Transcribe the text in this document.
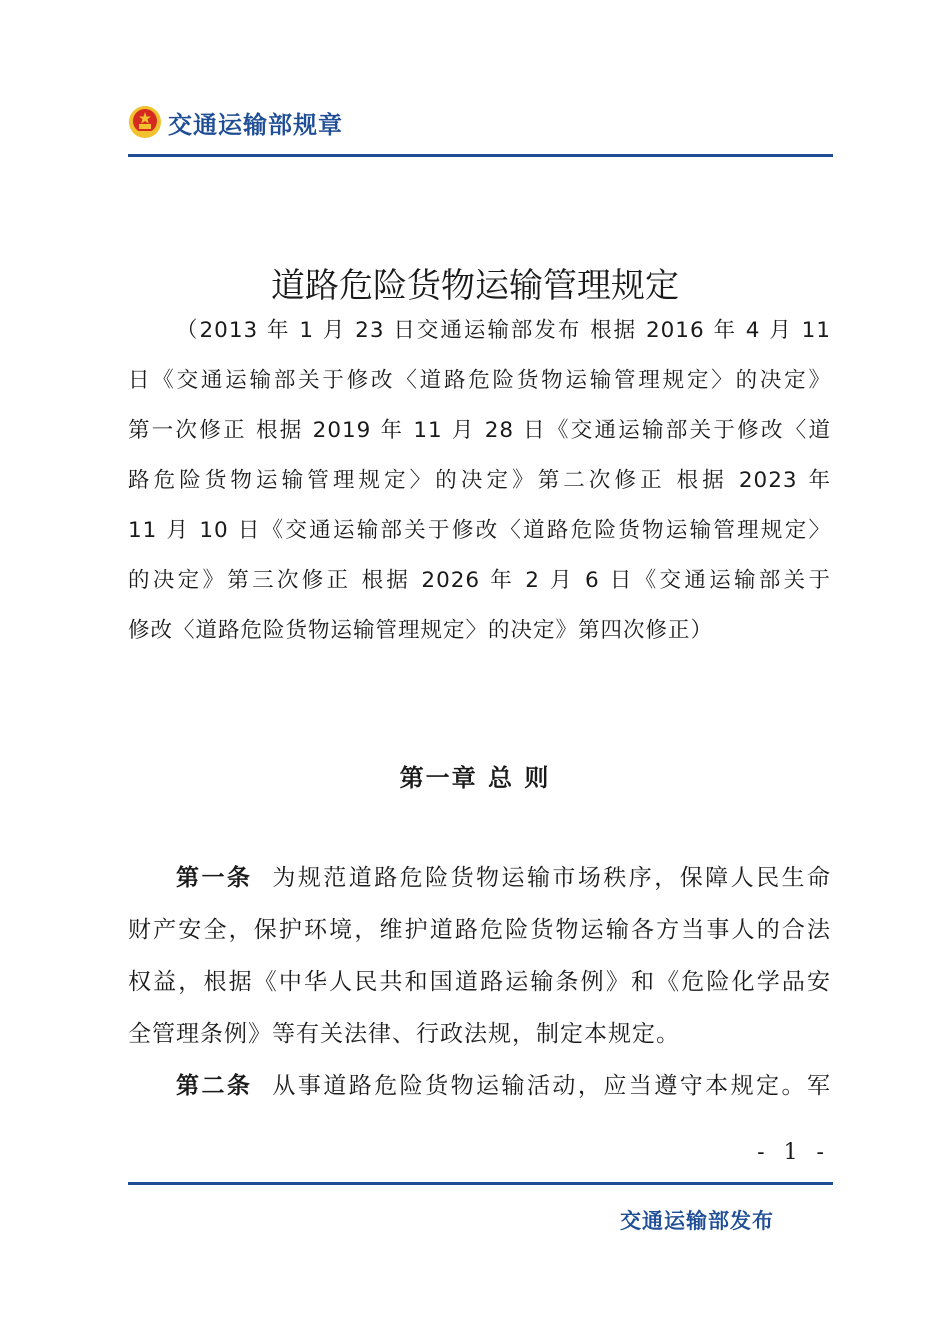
交通运输部规章
道路危险货物运输管理规定
（2013 年 1 月 23 日交通运输部发布 根据 2016 年 4 月 11
日《交通运输部关于修改〈道路危险货物运输管理规定〉的决定》
第一次修正 根据 2019 年 11 月 28 日《交通运输部关于修改〈道
路危险货物运输管理规定〉的决定》第二次修正 根据 2023 年
11 月 10 日《交通运输部关于修改〈道路危险货物运输管理规定〉
的决定》第三次修正 根据 2026 年 2 月 6 日《交通运输部关于
修改〈道路危险货物运输管理规定〉的决定》第四次修正）
第一章 总 则
第一条 为规范道路危险货物运输市场秩序，保障人民生命
财产安全，保护环境，维护道路危险货物运输各方当事人的合法
权益，根据《中华人民共和国道路运输条例》和《危险化学品安
全管理条例》等有关法律、行政法规，制定本规定。
第二条 从事道路危险货物运输活动，应当遵守本规定。军
- 1 -
交通运输部发布
